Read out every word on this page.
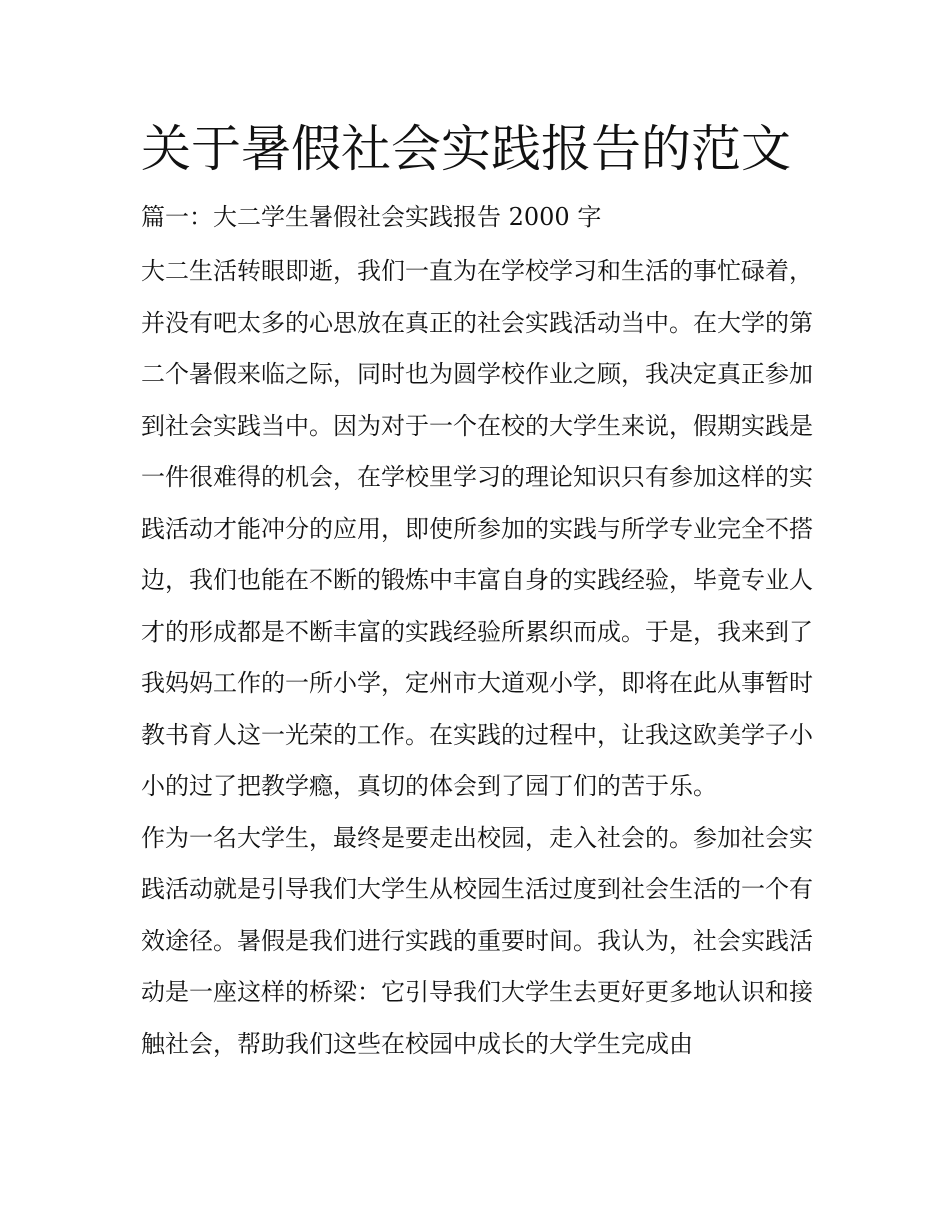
关于暑假社会实践报告的范文
篇一：大二学生暑假社会实践报告 2000 字

大二生活转眼即逝，我们一直为在学校学习和生活的事忙碌着，并没有吧太多的心思放在真正的社会实践活动当中。在大学的第二个暑假来临之际，同时也为圆学校作业之顾，我决定真正参加到社会实践当中。因为对于一个在校的大学生来说，假期实践是一件很难得的机会，在学校里学习的理论知识只有参加这样的实践活动才能冲分的应用，即使所参加的实践与所学专业完全不搭边，我们也能在不断的锻炼中丰富自身的实践经验，毕竟专业人才的形成都是不断丰富的实践经验所累织而成。于是，我来到了我妈妈工作的一所小学，定州市大道观小学，即将在此从事暂时教书育人这一光荣的工作。在实践的过程中，让我这欧美学子小小的过了把教学瘾，真切的体会到了园丁们的苦于乐。

作为一名大学生，最终是要走出校园，走入社会的。参加社会实践活动就是引导我们大学生从校园生活过度到社会生活的一个有效途径。暑假是我们进行实践的重要时间。我认为，社会实践活动是一座这样的桥梁：它引导我们大学生去更好更多地认识和接触社会，帮助我们这些在校园中成长的大学生完成由
